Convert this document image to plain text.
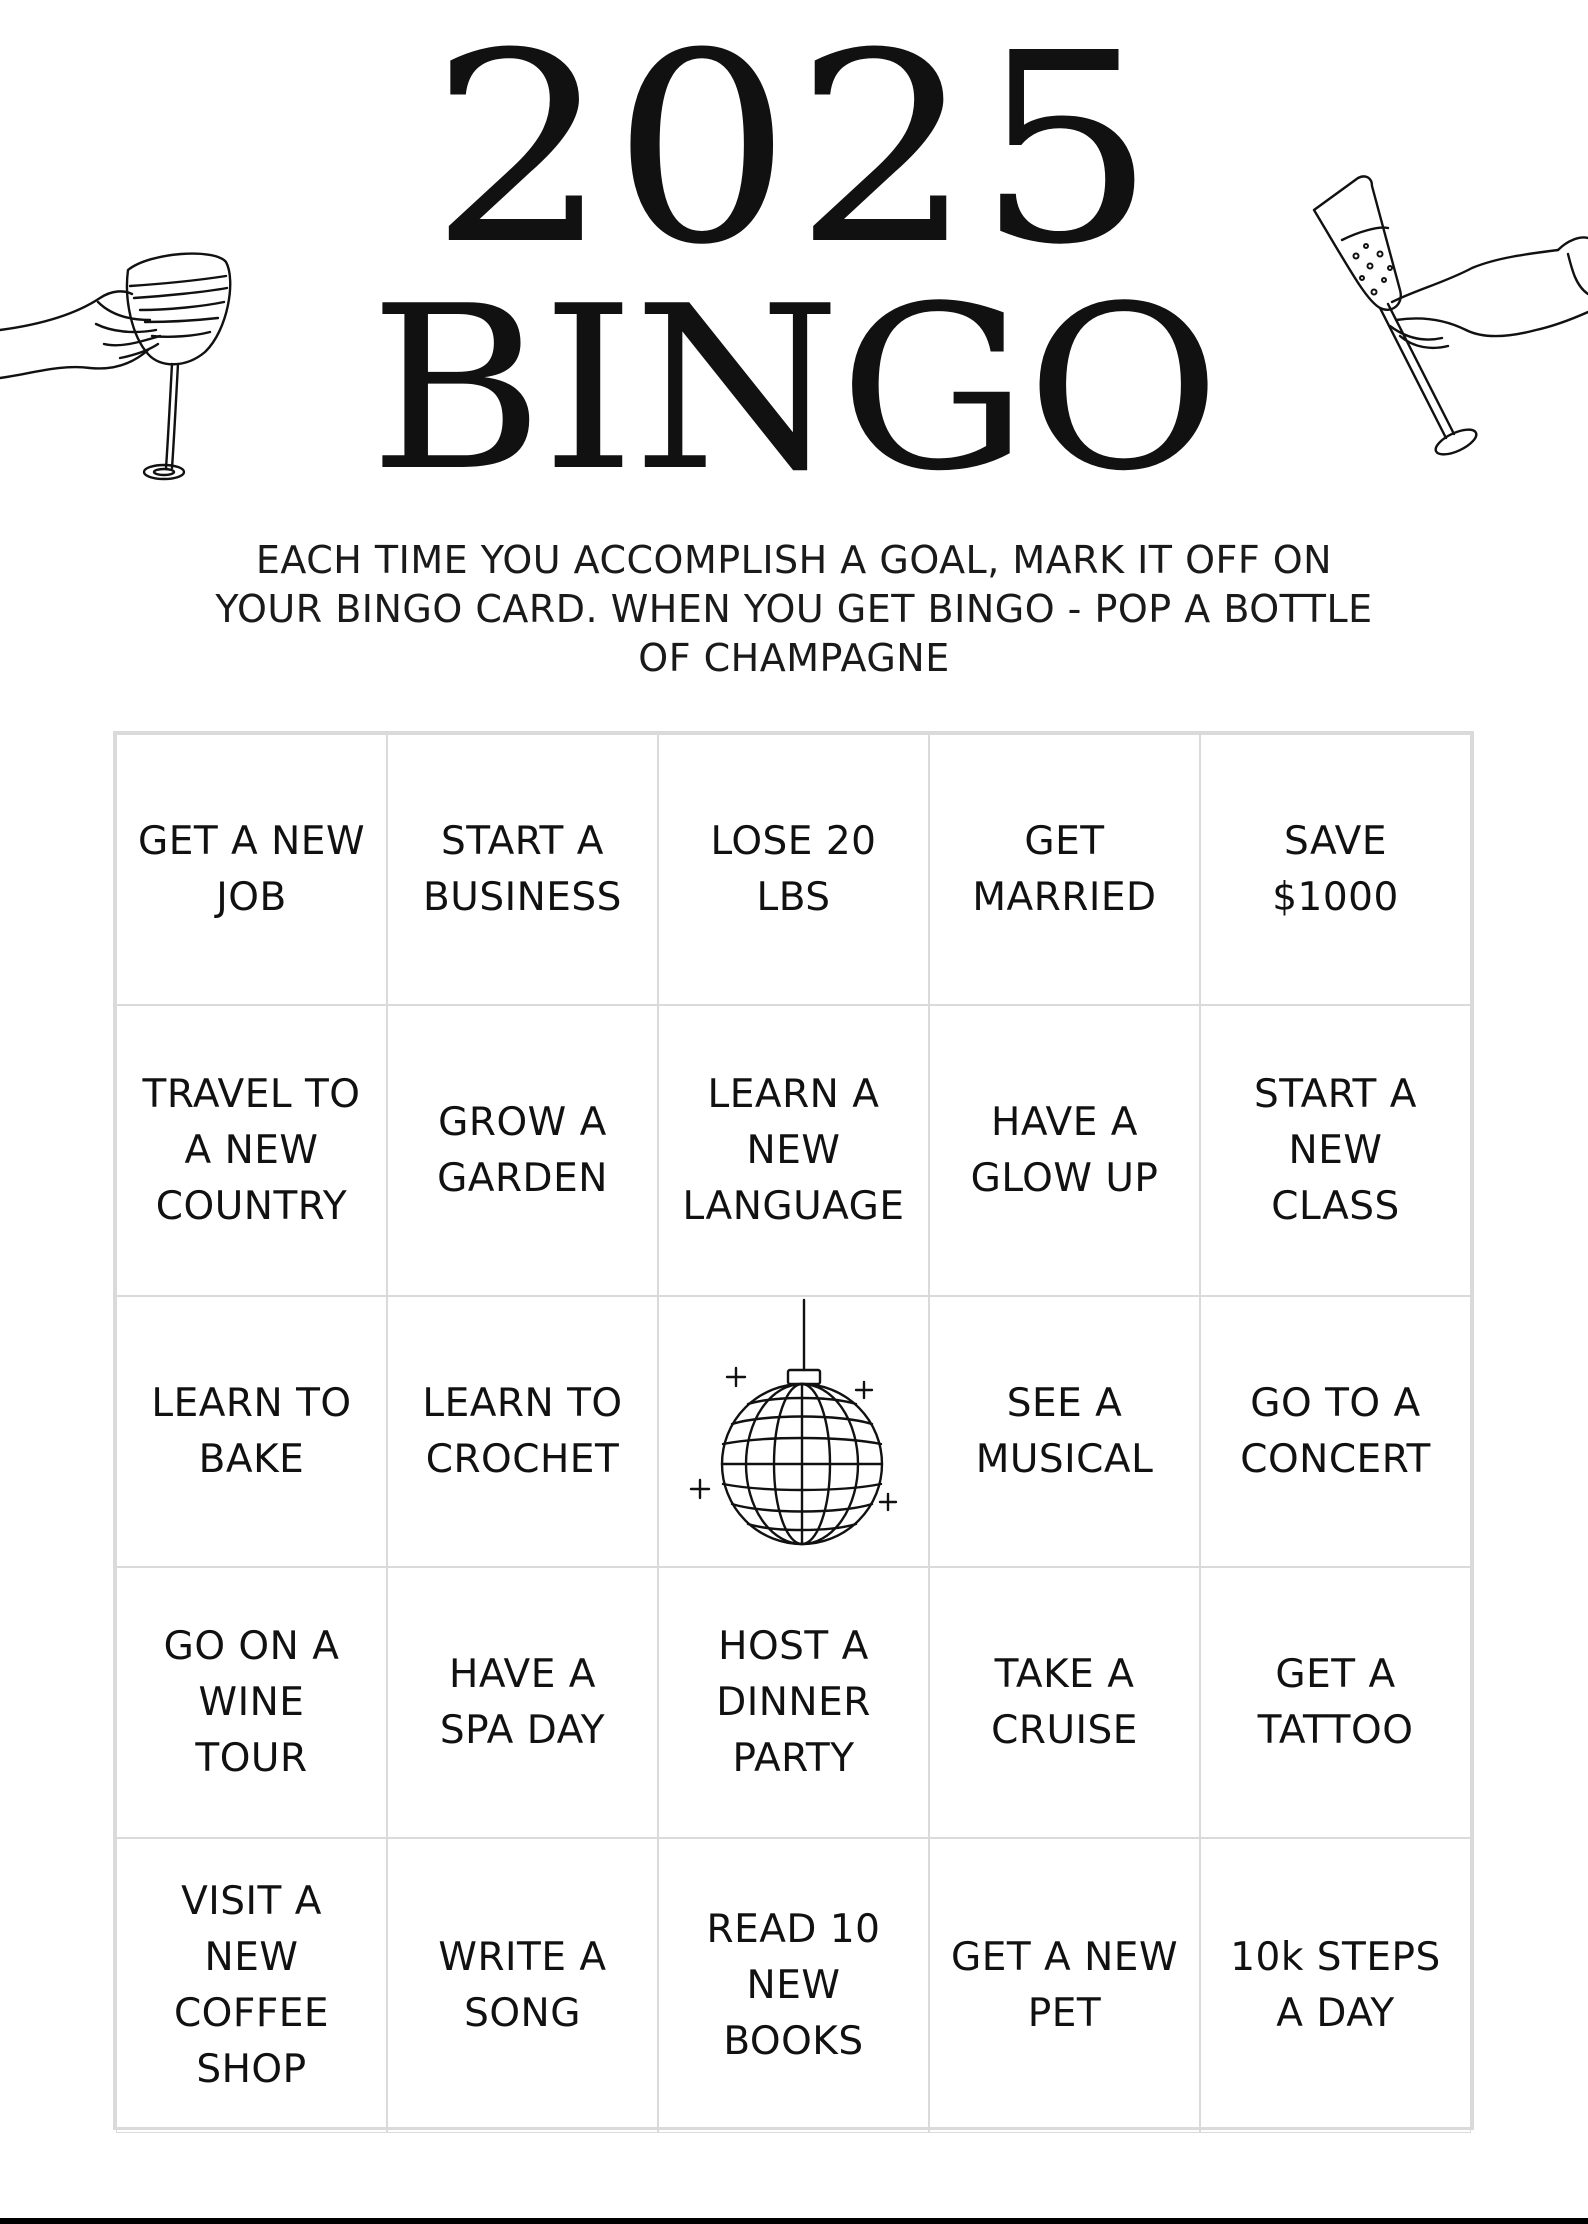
2025
BINGO
EACH TIME YOU ACCOMPLISH A GOAL, MARK IT OFF ON
YOUR BINGO CARD. WHEN YOU GET BINGO - POP A BOTTLE
OF CHAMPAGNE
GET A NEW
JOB
START A
BUSINESS
LOSE 20
LBS
GET
MARRIED
SAVE
$1000
TRAVEL TO
A NEW
COUNTRY
GROW A
GARDEN
LEARN A
NEW
LANGUAGE
HAVE A
GLOW UP
START A
NEW
CLASS
LEARN TO
BAKE
LEARN TO
CROCHET
SEE A
MUSICAL
GO TO A
CONCERT
GO ON A
WINE
TOUR
HAVE A
SPA DAY
HOST A
DINNER
PARTY
TAKE A
CRUISE
GET A
TATTOO
VISIT A
NEW
COFFEE
SHOP
WRITE A
SONG
READ 10
NEW
BOOKS
GET A NEW
PET
10k STEPS
A DAY
